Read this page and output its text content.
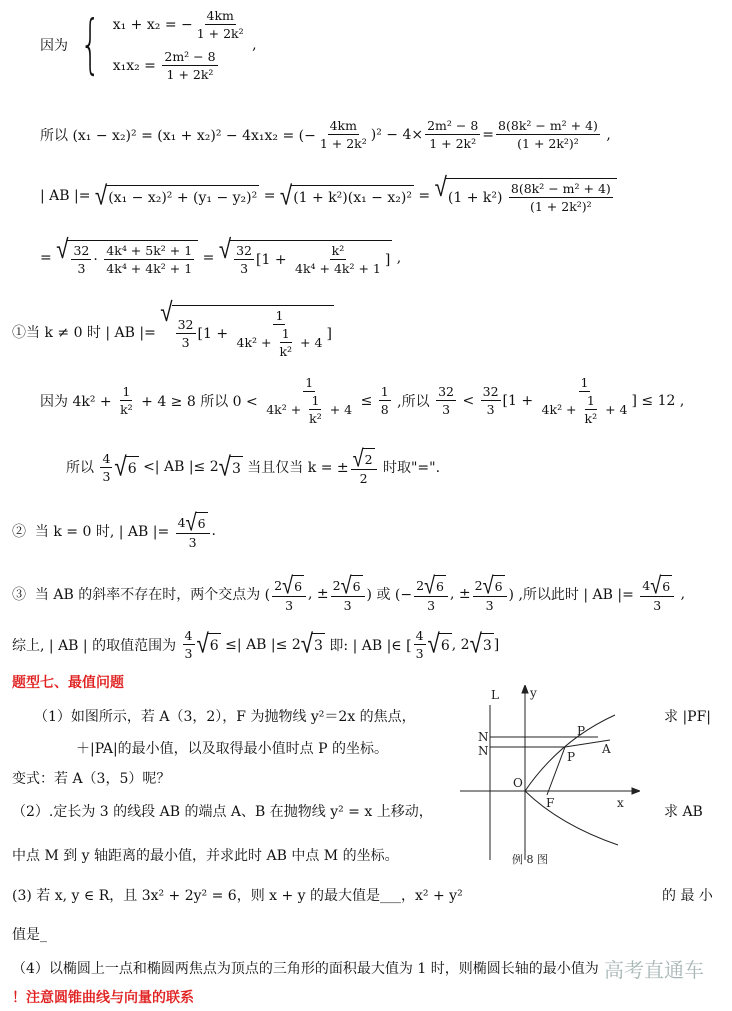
因为 { x₁ + x₂ = − $\frac{4km}{\text{1 + 2k²}}$
$x_1x_2 = \frac{\text{2m² − 8}}{\text{1 + 2k²}}$
,
所以 (x₁ − x₂)² = (x₁ + x₂)² − 4x₁x₂ = (− $\frac{4km}{\text{1 + 2k²}} )^2 - 4\times \frac{\text{2m² − 8}}{\text{1 + 2k²}} = \frac{\text{8(8k² − m² + 4)}}{\text{(1 + 2k²)²}}$ ,
| AB |= √ (x₁ − x₂)² + (y₁ − y₂)² = √ (1 + k²)(x₁ − x₂)² = √ $(1 + k^2) \frac{\text{8(8k² − m² + 4)}}{\text{(1 + 2k²)²}}$
= √ $\frac{32}{3} \cdot \frac{\text{4k⁴ + 5k² + 1}}{\text{4k⁴ + 4k² + 1}}$ = √ $\frac{32}{3} [1 + \frac{\text{k²}}{\text{4k⁴ + 4k² + 1}}$ ] ,
①当 k ≠ 0 时 | AB |=
√
$\frac{32}{3} [1 + \frac{1}{4k^2 + \frac{1}{\text{k²}} + 4}$ ]
因为 $4k^2 + \frac{1}{\text{k²}} + 4 \ge 8$ 所以 $0 < \frac{1}{4k^2 + \frac{1}{\text{k²}} + 4} \le \frac{1}{8}$ ,所以 $\frac{32}{3} < \frac{32}{3} [1 + \frac{1}{4k^2 + \frac{1}{\text{k²}} + 4}$ ] ≤ 12 ,
所以 $\frac{4}{3}$ √ 6 <| AB |≤ 2 √ 3 当且仅当 k = ± $\frac{√ 2}{2}$ 时取"=".
②  当 k = 0 时, | AB |= $\frac{4 √ 6}{3}$ .
③  当 AB 的斜率不存在时，两个交点为 ( $\frac{2 √ 6}{3}$ , ± $\frac{2 √ 6}{3}$ ) 或 (− $\frac{2 √ 6}{3}$ , ± $\frac{2 √ 6}{3}$ ) ,所以此时 | AB |= $\frac{4 √ 6}{3}$ ,
综上, | AB | 的取值范围为 $\frac{4}{3}$ √ 6 ≤| AB |≤ 2 √ 3 即: | AB |∈ [ $\frac{4}{3}$ √ 6 , 2 √ 3 ]
题型七、最值问题
（1）如图所示，若 A（3，2），F 为抛物线 y²＝2x 的焦点，	求 |PF|
＋|PA|的最小值，以及取得最小值时点 P 的坐标。
变式：若 A（3，5）呢？
（2）.定长为 3 的线段 AB 的端点 A、B 在抛物线 y² = x 上移动，	求 AB
中点 M 到 y 轴距离的最小值，并求此时 AB 中点 M 的坐标。
(3) 若 x, y ∈ R，且 3x² + 2y² = 6，则 x + y 的最大值是___，x² + y²	的 最 小
值是_
（4）以椭圆上一点和椭圆两焦点为顶点的三角形的面积最大值为 1 时，则椭圆长轴的最小值为
！注意圆锥曲线与向量的联系
L	y
x
N
N
P
P
A
O
F
例 8 图
高考直通车
